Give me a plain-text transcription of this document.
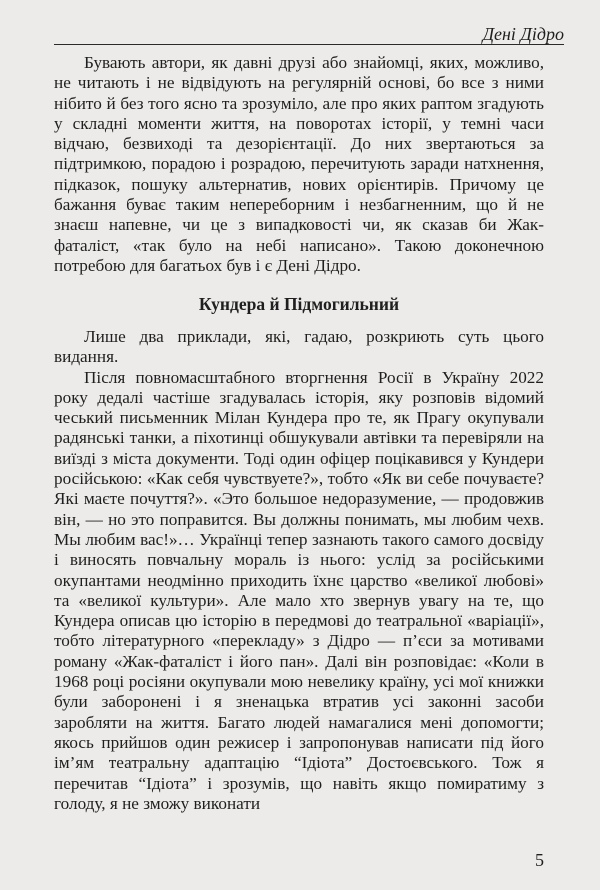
Дені Дідро

Бувають автори, як давні друзі або знайомці, яких, можливо, не читають і не відвідують на регулярній основі, бо все з ними нібито й без того ясно та зрозуміло, але про яких раптом згадують у складні моменти життя, на поворотах історії, у темні часи відчаю, безвиході та дезорієнтації. До них звертаються за підтримкою, порадою і розрадою, перечитують заради натхнення, підказок, пошуку альтернатив, нових орієнтирів. Причому це бажання буває таким непереборним і незбагненним, що й не знаєш напевне, чи це з випадковості чи, як сказав би Жак-фаталіст, «так було на небі написано». Такою доконечною потребою для багатьох був і є Дені Дідро.

Кундера й Підмогильний

Лише два приклади, які, гадаю, розкриють суть цього видання.

Після повномасштабного вторгнення Росії в Україну 2022 року дедалі частіше згадувалась історія, яку розповів відомий чеський письменник Мілан Кундера про те, як Прагу окупували радянські танки, а піхотинці обшукували автівки та перевіряли на виїзді з міста документи. Тоді один офіцер поцікавився у Кундери російською: «Как себя чувствуете?», тобто «Як ви себе почуваєте? Які маєте почуття?». «Это большое недоразумение, — продовжив він, — но это поправится. Вы должны понимать, мы любим чехв. Мы любим вас!»… Українці тепер зазнають такого самого досвіду і виносять повчальну мораль із нього: услід за російськими окупантами неодмінно приходить їхнє царство «великої любові» та «великої культури». Але мало хто звернув увагу на те, що Кундера описав цю історію в передмові до театральної «варіації», тобто літературного «перекладу» з Дідро — п’єси за мотивами роману «Жак-фаталіст і його пан». Далі він розповідає: «Коли в 1968 році росіяни окупували мою невелику країну, усі мої книжки були заборонені і я зненацька втратив усі законні засоби заробляти на життя. Багато людей намагалися мені допомогти; якось прийшов один режисер і запропонував написати під його ім’ям театральну адаптацію “Ідіота” Достоєвського. Тож я перечитав “Ідіота” і зрозумів, що навіть якщо помиратиму з голоду, я не зможу виконати

5
